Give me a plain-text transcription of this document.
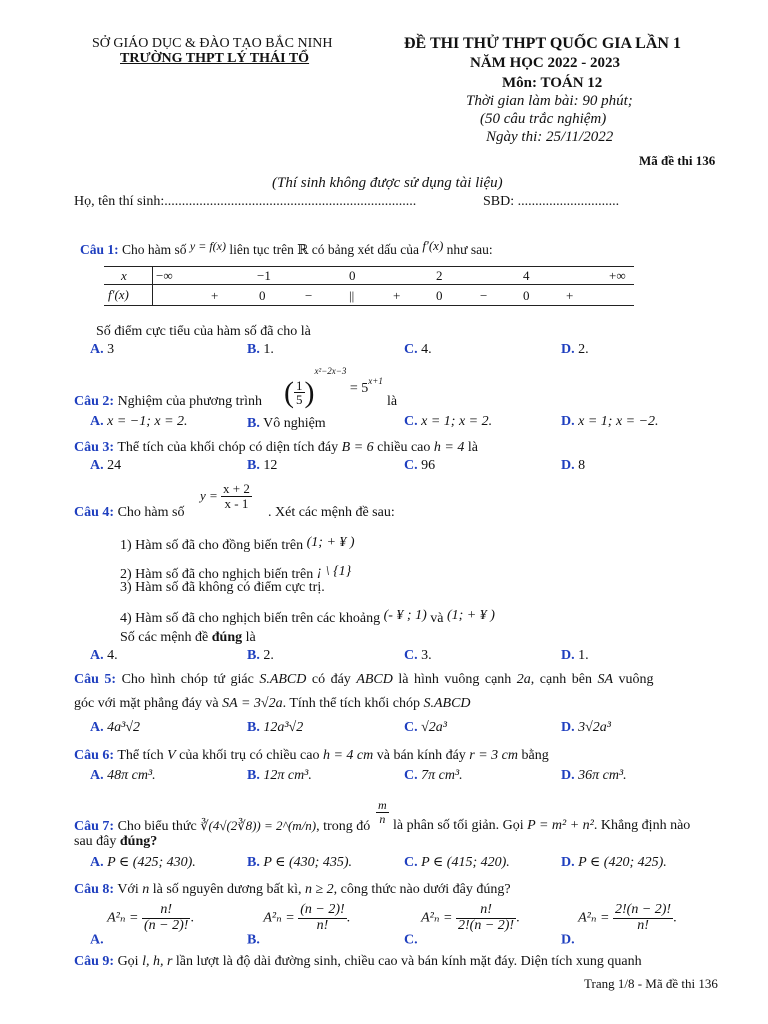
SỞ GIÁO DỤC & ĐÀO TẠO BẮC NINH
TRƯỜNG THPT LÝ THÁI TỔ
ĐỀ THI THỬ THPT QUỐC GIA LẦN 1
NĂM HỌC 2022 - 2023
Môn: TOÁN 12
Thời gian làm bài: 90 phút;
(50 câu trắc nghiệm)
Ngày thi: 25/11/2022
Mã đề thi 136
(Thí sinh không được sử dụng tài liệu)
Họ, tên thí sinh:........................................................................	SBD: .............................
Câu 1: Cho hàm số y = f(x) liên tục trên ℝ có bảng xét dấu của f′(x) như sau:
x −∞	−1	0	2	4	+∞
f′(x)	+	0	−	||	+	0	−	0	+
Số điểm cực tiểu của hàm số đã cho là
A. 3	B. 1.	C. 4.	D. 2.
Câu 2: Nghiệm của phương trình ( $\frac{1}{5} )^{x^2-2x-3} = 5^{x+1}$
là
A. x = −1; x = 2.	B. Vô nghiệm	C. x = 1; x = 2.	D. x = 1; x = −2.
Câu 3: Thể tích của khối chóp có diện tích đáy B = 6 chiều cao h = 4 là
A. 24	B. 12	C. 96	D. 8
Câu 4: Cho hàm số
$y = \frac{x + 2}{x - 1}$
. Xét các mệnh đề sau:
1) Hàm số đã cho đồng biến trên (1; + ¥ )
2) Hàm số đã cho nghịch biến trên ¡ \ {1}
3) Hàm số đã không có điểm cực trị.
4) Hàm số đã cho nghịch biến trên các khoảng (- ¥ ; 1) và (1; + ¥ )
Số các mệnh đề đúng là
A. 4.	B. 2.	C. 3.	D. 1.
Câu 5: Cho hình chóp tứ giác S.ABCD có đáy ABCD là hình vuông cạnh 2a, cạnh bên SA vuông
góc với mặt phẳng đáy và SA = 3√2a. Tính thể tích khối chóp S.ABCD
A. 4a³√2	B. 12a³√2	C. √2a³	D. 3√2a³
Câu 6: Thể tích V của khối trụ có chiều cao h = 4 cm và bán kính đáy r = 3 cm bằng
A. 48π cm³.	B. 12π cm³.	C. 7π cm³.	D. 36π cm³.
Câu 7: Cho biểu thức ∛(4√(2∛8)) = 2^(m/n), trong đó
$\frac{m}{n}$
là phân số tối giản. Gọi P = m² + n². Khẳng định nào
sau đây đúng?
A. P ∈ (425; 430).	B. P ∈ (430; 435).	C. P ∈ (415; 420).	D. P ∈ (420; 425).
Câu 8: Với n là số nguyên dương bất kì, n ≥ 2, công thức nào dưới đây đúng?
A. $A^2_n = \frac{n!}{(n - 2)!}$ .
B. $A^2_n = \frac{(n - 2)!}{n!}$ .
C. $A^2_n = \frac{n!}{2!(n - 2)!}$ .
D. $A^2_n = \frac{2!(n - 2)!}{n!}$ .
Câu 9: Gọi l, h, r lần lượt là độ dài đường sinh, chiều cao và bán kính mặt đáy. Diện tích xung quanh
Trang 1/8 - Mã đề thi 136
